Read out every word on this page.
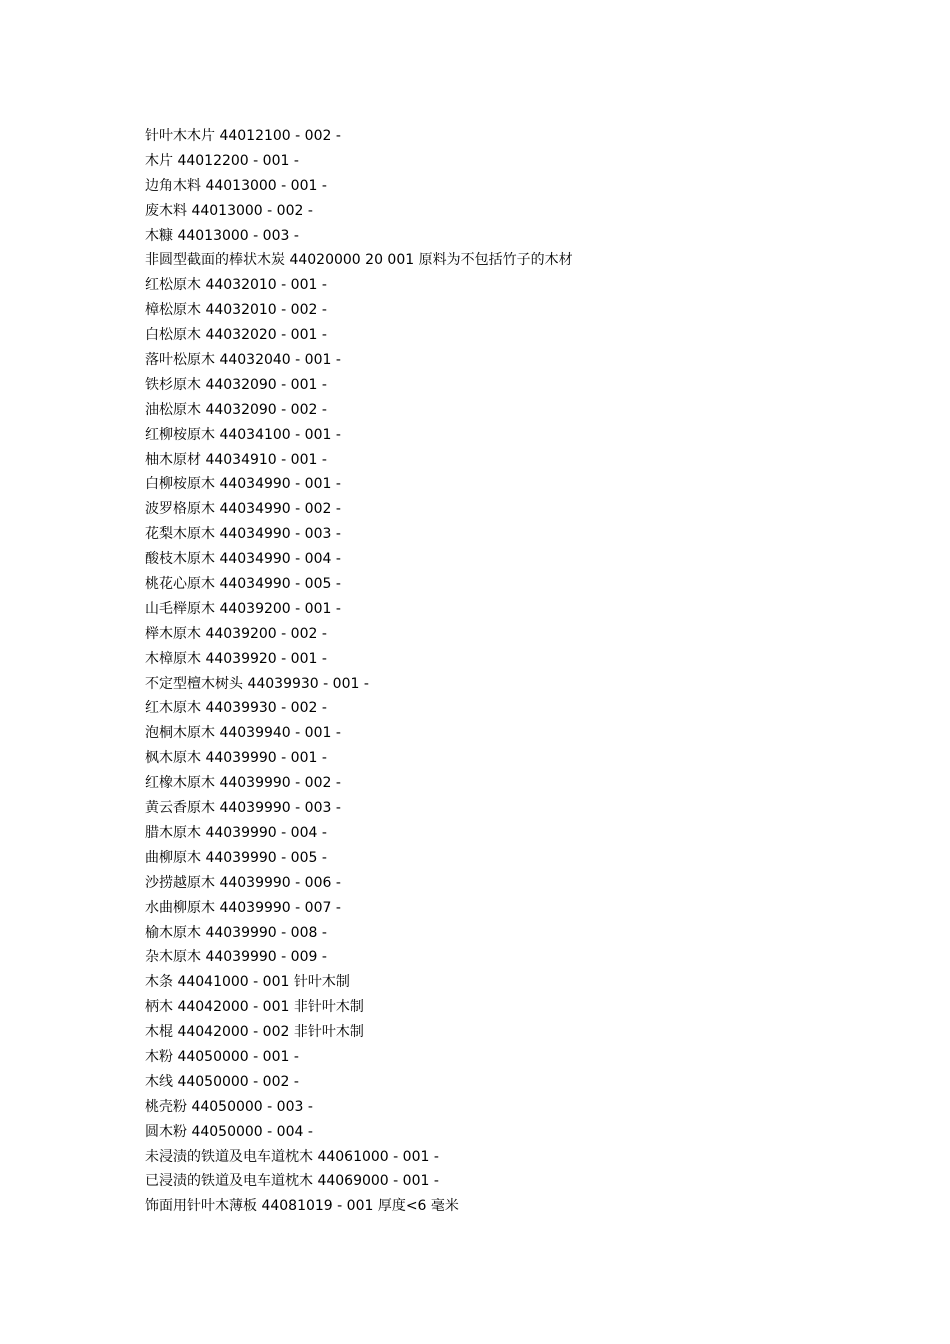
针叶木木片 44012100 - 002 -
木片 44012200 - 001 -
边角木料 44013000 - 001 -
废木料 44013000 - 002 -
木糠 44013000 - 003 -
非圆型截面的棒状木炭 44020000 20 001 原料为不包括竹子的木材
红松原木 44032010 - 001 -
樟松原木 44032010 - 002 -
白松原木 44032020 - 001 -
落叶松原木 44032040 - 001 -
铁杉原木 44032090 - 001 -
油松原木 44032090 - 002 -
红柳桉原木 44034100 - 001 -
柚木原材 44034910 - 001 -
白柳桉原木 44034990 - 001 -
波罗格原木 44034990 - 002 -
花梨木原木 44034990 - 003 -
酸枝木原木 44034990 - 004 -
桃花心原木 44034990 - 005 -
山毛榉原木 44039200 - 001 -
榉木原木 44039200 - 002 -
木樟原木 44039920 - 001 -
不定型檀木树头 44039930 - 001 -
红木原木 44039930 - 002 -
泡桐木原木 44039940 - 001 -
枫木原木 44039990 - 001 -
红橡木原木 44039990 - 002 -
黄云香原木 44039990 - 003 -
腊木原木 44039990 - 004 -
曲柳原木 44039990 - 005 -
沙捞越原木 44039990 - 006 -
水曲柳原木 44039990 - 007 -
榆木原木 44039990 - 008 -
杂木原木 44039990 - 009 -
木条 44041000 - 001 针叶木制
柄木 44042000 - 001 非针叶木制
木棍 44042000 - 002 非针叶木制
木粉 44050000 - 001 -
木线 44050000 - 002 -
桃壳粉 44050000 - 003 -
圆木粉 44050000 - 004 -
未浸渍的铁道及电车道枕木 44061000 - 001 -
已浸渍的铁道及电车道枕木 44069000 - 001 -
饰面用针叶木薄板 44081019 - 001 厚度<6 毫米
